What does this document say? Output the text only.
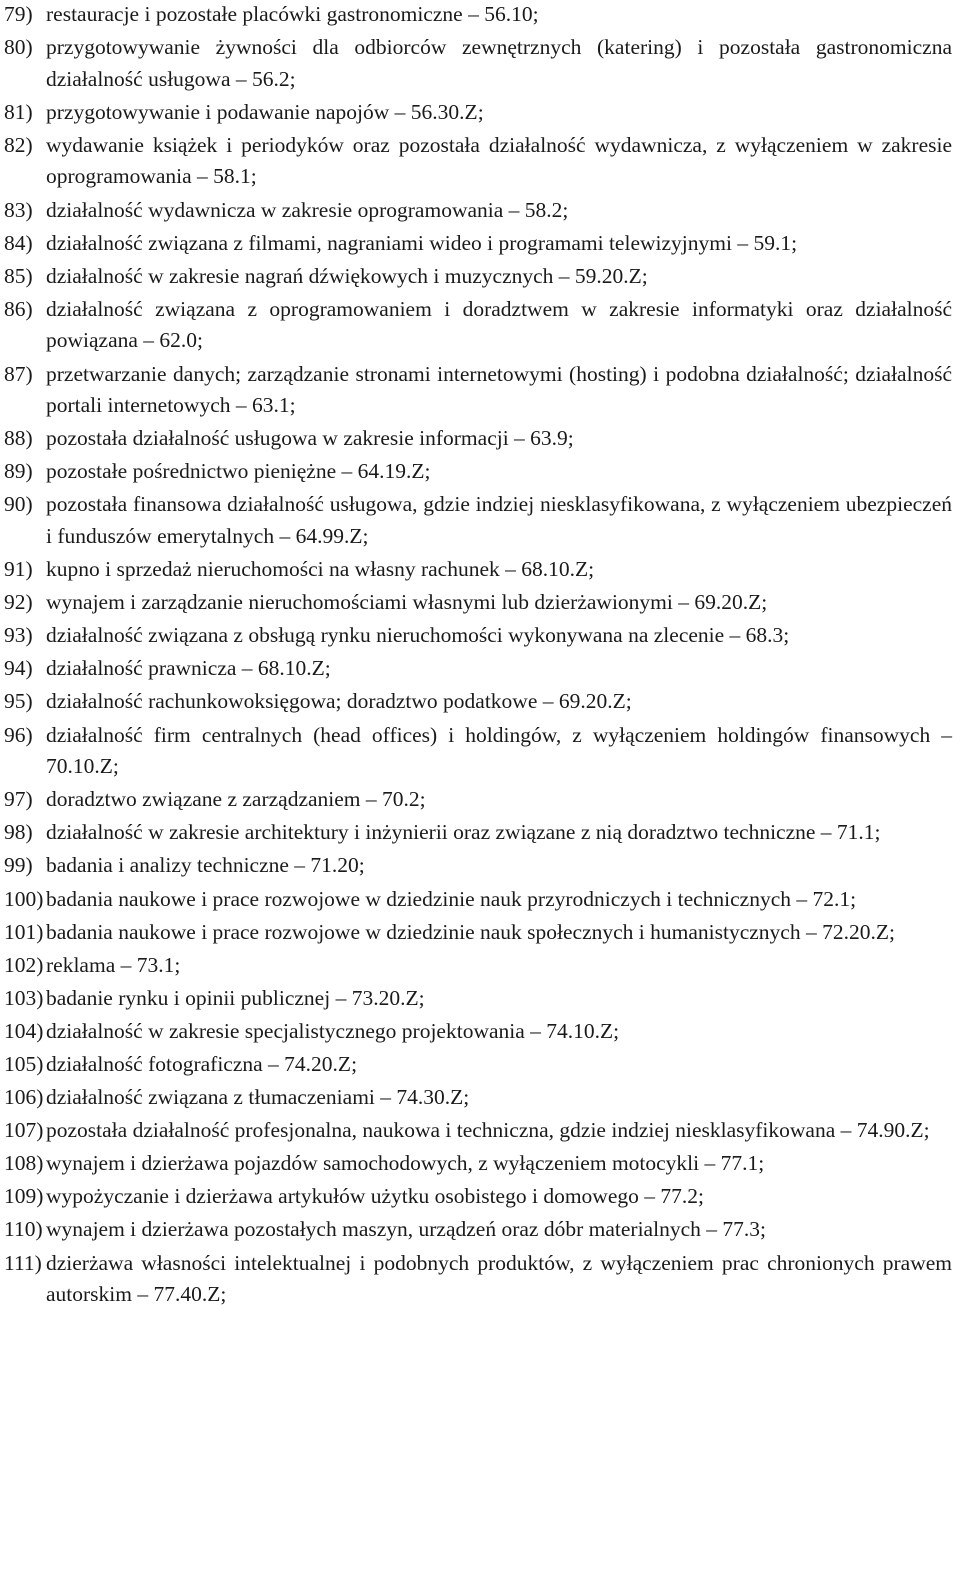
79) restauracje i pozostałe placówki gastronomiczne – 56.10;
80) przygotowywanie żywności dla odbiorców zewnętrznych (katering) i pozostała gastronomiczna działalność usługowa – 56.2;
81) przygotowywanie i podawanie napojów – 56.30.Z;
82) wydawanie książek i periodyków oraz pozostała działalność wydawnicza, z wyłączeniem w zakresie oprogramowania – 58.1;
83) działalność wydawnicza w zakresie oprogramowania – 58.2;
84) działalność związana z filmami, nagraniami wideo i programami telewizyjnymi – 59.1;
85) działalność w zakresie nagrań dźwiękowych i muzycznych – 59.20.Z;
86) działalność związana z oprogramowaniem i doradztwem w zakresie informatyki oraz działalność powiązana – 62.0;
87) przetwarzanie danych; zarządzanie stronami internetowymi (hosting) i podobna działalność; działalność portali internetowych – 63.1;
88) pozostała działalność usługowa w zakresie informacji – 63.9;
89) pozostałe pośrednictwo pieniężne – 64.19.Z;
90) pozostała finansowa działalność usługowa, gdzie indziej niesklasyfikowana, z wyłączeniem ubezpieczeń i funduszów emerytalnych – 64.99.Z;
91) kupno i sprzedaż nieruchomości na własny rachunek – 68.10.Z;
92) wynajem i zarządzanie nieruchomościami własnymi lub dzierżawionymi – 69.20.Z;
93) działalność związana z obsługą rynku nieruchomości wykonywana na zlecenie – 68.3;
94) działalność prawnicza – 68.10.Z;
95) działalność rachunkowoksięgowa; doradztwo podatkowe – 69.20.Z;
96) działalność firm centralnych (head offices) i holdingów, z wyłączeniem holdingów finansowych – 70.10.Z;
97) doradztwo związane z zarządzaniem – 70.2;
98) działalność w zakresie architektury i inżynierii oraz związane z nią doradztwo techniczne – 71.1;
99) badania i analizy techniczne – 71.20;
100) badania naukowe i prace rozwojowe w dziedzinie nauk przyrodniczych i technicznych – 72.1;
101) badania naukowe i prace rozwojowe w dziedzinie nauk społecznych i humanistycznych – 72.20.Z;
102) reklama – 73.1;
103) badanie rynku i opinii publicznej – 73.20.Z;
104) działalność w zakresie specjalistycznego projektowania – 74.10.Z;
105) działalność fotograficzna – 74.20.Z;
106) działalność związana z tłumaczeniami – 74.30.Z;
107) pozostała działalność profesjonalna, naukowa i techniczna, gdzie indziej niesklasyfikowana – 74.90.Z;
108) wynajem i dzierżawa pojazdów samochodowych, z wyłączeniem motocykli – 77.1;
109) wypożyczanie i dzierżawa artykułów użytku osobistego i domowego – 77.2;
110) wynajem i dzierżawa pozostałych maszyn, urządzeń oraz dóbr materialnych – 77.3;
111) dzierżawa własności intelektualnej i podobnych produktów, z wyłączeniem prac chronionych prawem autorskim – 77.40.Z;
